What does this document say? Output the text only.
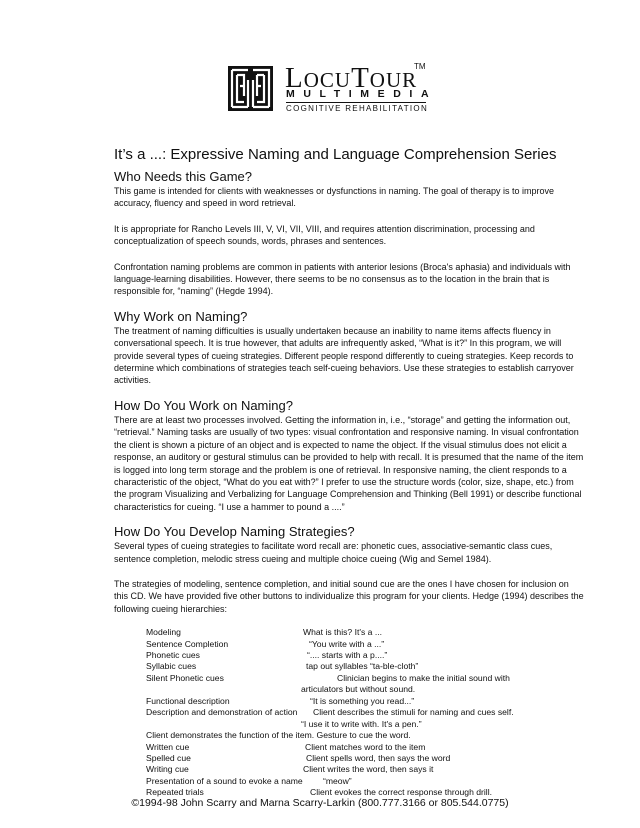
LOCUTOUR
TM
MULTIMEDIA
COGNITIVE REHABILITATION
It’s a ...: Expressive Naming and Language Comprehension Series
Who Needs this Game?

This game is intended for clients with weaknesses or dysfunctions in naming. The goal of therapy is to improve accuracy, fluency and speed in word retrieval.

It is appropriate for Rancho Levels III, V, VI, VII, VIII, and requires attention discrimination, processing and conceptualization of speech sounds, words, phrases and sentences.

Confrontation naming problems are common in patients with anterior lesions (Broca's aphasia) and individuals with language-learning disabilities. However, there seems to be no consensus as to the location in the brain that is responsible for, “naming” (Hegde 1994).

Why Work on Naming?

The treatment of naming difficulties is usually undertaken because an inability to name items affects fluency in conversational speech. It is true however, that adults are infrequently asked, “What is it?” In this program, we will provide several types of cueing strategies. Different people respond differently to cueing strategies. Keep records to determine which combinations of strategies teach self-cueing behaviors. Use these strategies to establish carryover activities.

How Do You Work on Naming?

There are at least two processes involved. Getting the information in, i.e., “storage” and getting the information out, “retrieval.” Naming tasks are usually of two types: visual confrontation and responsive naming. In visual confrontation the client is shown a picture of an object and is expected to name the object. If the visual stimulus does not elicit a response, an auditory or gestural stimulus can be provided to help with recall. It is presumed that the name of the item is logged into long term storage and the problem is one of retrieval. In responsive naming, the client responds to a characteristic of the object, “What do you eat with?” I prefer to use the structure words (color, size, shape, etc.) from the program Visualizing and Verbalizing for Language Comprehension and Thinking (Bell 1991) or describe functional characteristics for cueing. “I use a hammer to pound a ....”

How Do You Develop Naming Strategies?

Several types of cueing strategies to facilitate word recall are: phonetic cues, associative-semantic class cues, sentence completion, melodic stress cueing and multiple choice cueing (Wig and Semel 1984).

The strategies of modeling, sentence completion, and initial sound cue are the ones I have chosen for inclusion on this CD. We have provided five other buttons to individualize this program for your clients. Hedge (1994) describes the following cueing hierarchies:

Modeling	What is this? It's a ...
Sentence Completion	“You write with a ...”
Phonetic cues	“.... starts with a p....”
Syllabic cues	tap out syllables “ta-ble-cloth”
Silent Phonetic cues	Clinician begins to make the initial sound with
articulators but without sound.
Functional description	“It is something you read...”
Description and demonstration of action Client describes the stimuli for naming and cues self.
“I use it to write with. It's a pen.”
Client demonstrates the function of the item. Gesture to cue the word.
Written cue	Client matches word to the item
Spelled cue	Client spells word, then says the word
Writing cue	Client writes the word, then says it
Presentation of a sound to evoke a name “meow”
Repeated trials	Client evokes the correct response through drill.
©1994-98 John Scarry and Marna Scarry-Larkin (800.777.3166 or 805.544.0775)
